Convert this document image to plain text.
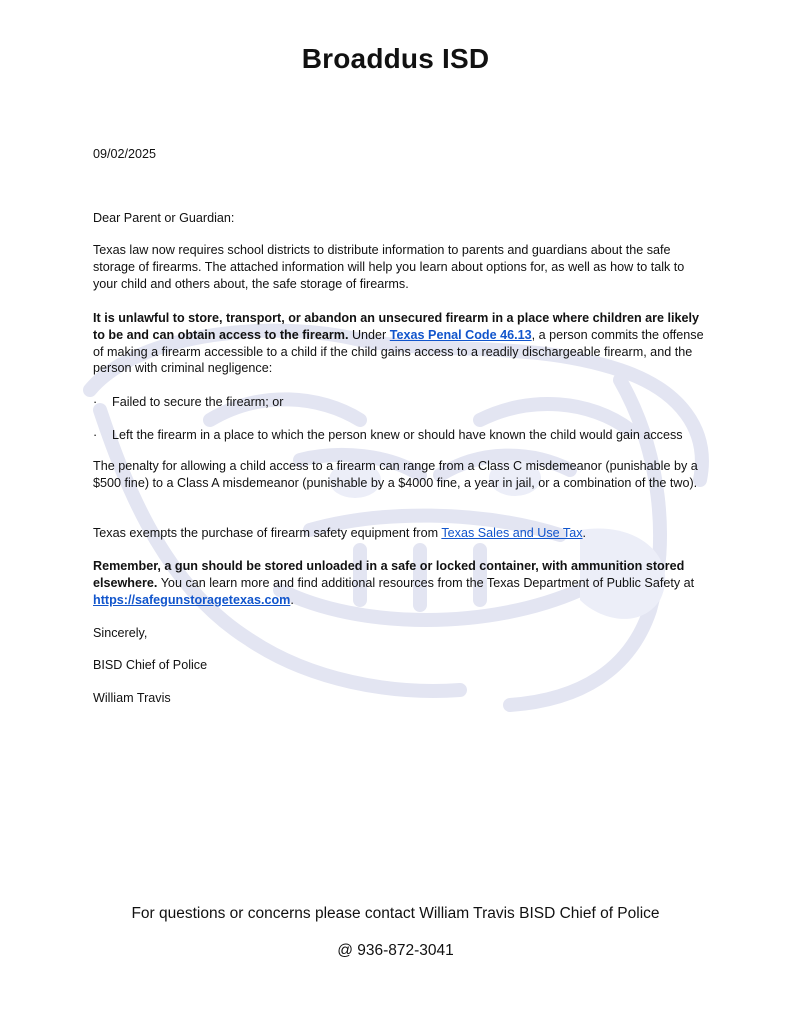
Broaddus ISD

09/02/2025

Dear Parent or Guardian:

Texas law now requires school districts to distribute information to parents and guardians about the safe storage of firearms. The attached information will help you learn about options for, as well as how to talk to your child and others about, the safe storage of firearms.

It is unlawful to store, transport, or abandon an unsecured firearm in a place where children are likely to be and can obtain access to the firearm. Under Texas Penal Code 46.13, a person commits the offense of making a firearm accessible to a child if the child gains access to a readily dischargeable firearm, and the person with criminal negligence:

· Failed to secure the firearm; or

· Left the firearm in a place to which the person knew or should have known the child would gain access

The penalty for allowing a child access to a firearm can range from a Class C misdemeanor (punishable by a $500 fine) to a Class A misdemeanor (punishable by a $4000 fine, a year in jail, or a combination of the two).

Texas exempts the purchase of firearm safety equipment from Texas Sales and Use Tax.

Remember, a gun should be stored unloaded in a safe or locked container, with ammunition stored elsewhere. You can learn more and find additional resources from the Texas Department of Public Safety at https://safegunstoragetexas.com.

Sincerely,

BISD Chief of Police

William Travis

For questions or concerns please contact William Travis BISD Chief of Police

@ 936-872-3041
